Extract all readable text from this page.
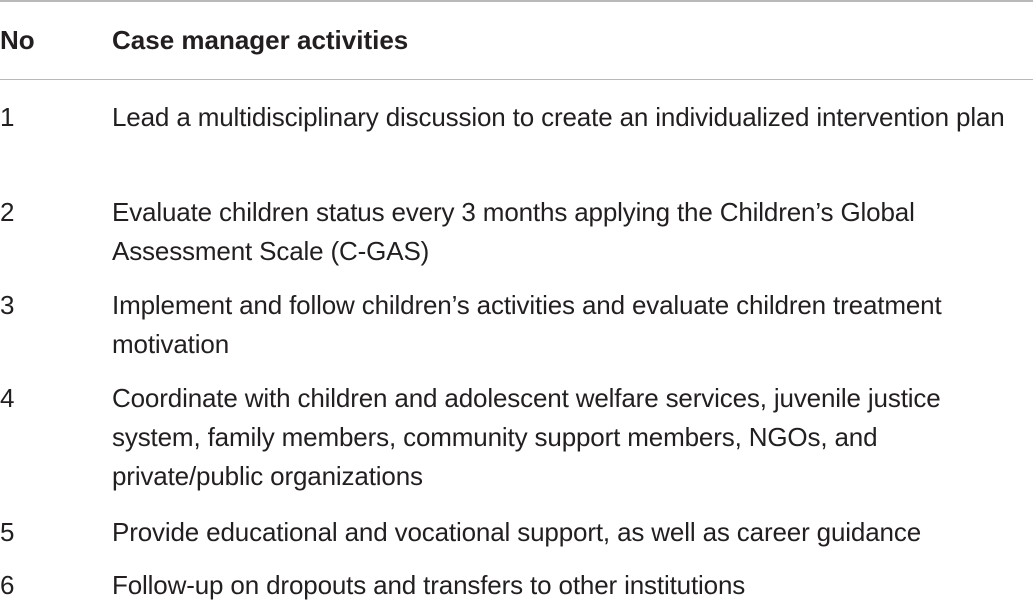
No	Case manager activities
1	Lead a multidisciplinary discussion to create an individualized intervention plan
2	Evaluate children status every 3 months applying the Children’s Global Assessment Scale (C-GAS)
3	Implement and follow children’s activities and evaluate children treatment motivation
4	Coordinate with children and adolescent welfare services, juvenile justice system, family members, community support members, NGOs, and private/public organizations
5	Provide educational and vocational support, as well as career guidance
6	Follow-up on dropouts and transfers to other institutions
